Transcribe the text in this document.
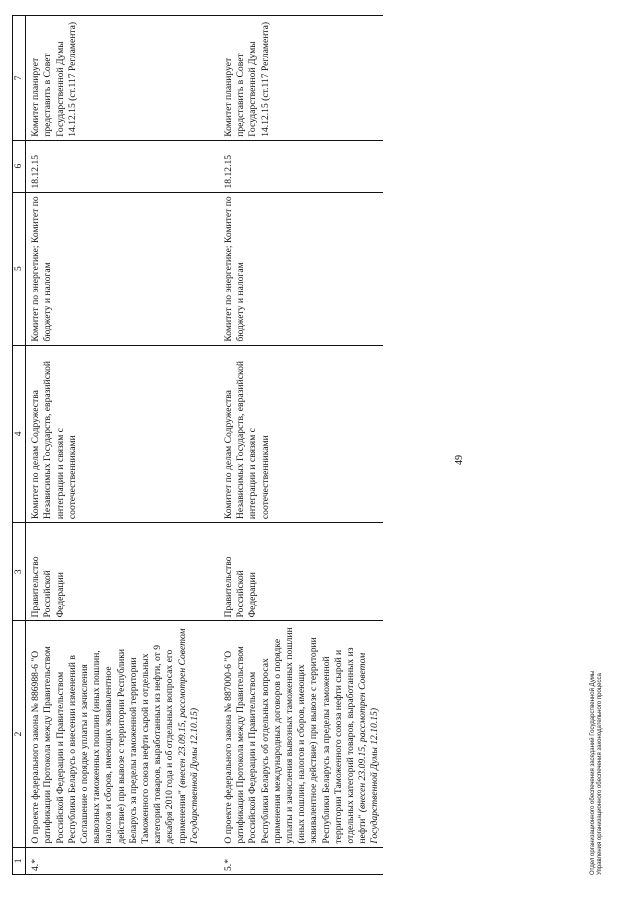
49
1	2	3	4	5	6	7
4.*	О проекте федерального закона № 886988-6 "О ратификации Протокола между Правительством Российской Федерации и Правительством Республики Беларусь о внесении изменений в Соглашение о порядке уплаты и зачисления вывозных таможенных пошлин (иных пошлин, налогов и сборов, имеющих эквивалентное действие) при вывозе с территории Республики Беларусь за пределы таможенной территории Таможенного союза нефти сырой и отдельных категорий товаров, выработанных из нефти, от 9 декабря 2010 года и об отдельных вопросах его применения" (внесен 23.09.15, рассмотрен Советом Государственной Думы 12.10.15)	Правительство Российской Федерации	Комитет по делам Содружества Независимых Государств, евразийской интеграции и связям с соотечественниками	Комитет по энергетике; Комитет по бюджету и налогам	18.12.15	Комитет планирует представить в Совет Государственной Думы 14.12.15 (ст.117 Регламента)
5.*	О проекте федерального закона № 887000-6 "О ратификации Протокола между Правительством Российской Федерации и Правительством Республики Беларусь об отдельных вопросах применения международных договоров о порядке уплаты и зачисления вывозных таможенных пошлин (иных пошлин, налогов и сборов, имеющих эквивалентное действие) при вывозе с территории Республики Беларусь за пределы таможенной территории Таможенного союза нефти сырой и отдельных категорий товаров, выработанных из нефти" (внесен 23.09.15, рассмотрен Советом Государственной Думы 12.10.15)	Правительство Российской Федерации	Комитет по делам Содружества Независимых Государств, евразийской интеграции и связям с соотечественниками	Комитет по энергетике; Комитет по бюджету и налогам	18.12.15	Комитет планирует представить в Совет Государственной Думы 14.12.15 (ст.117 Регламента)
Отдел организационного обеспечения заседаний Государственной Думы Управления организационного обеспечения законодательного процесса
